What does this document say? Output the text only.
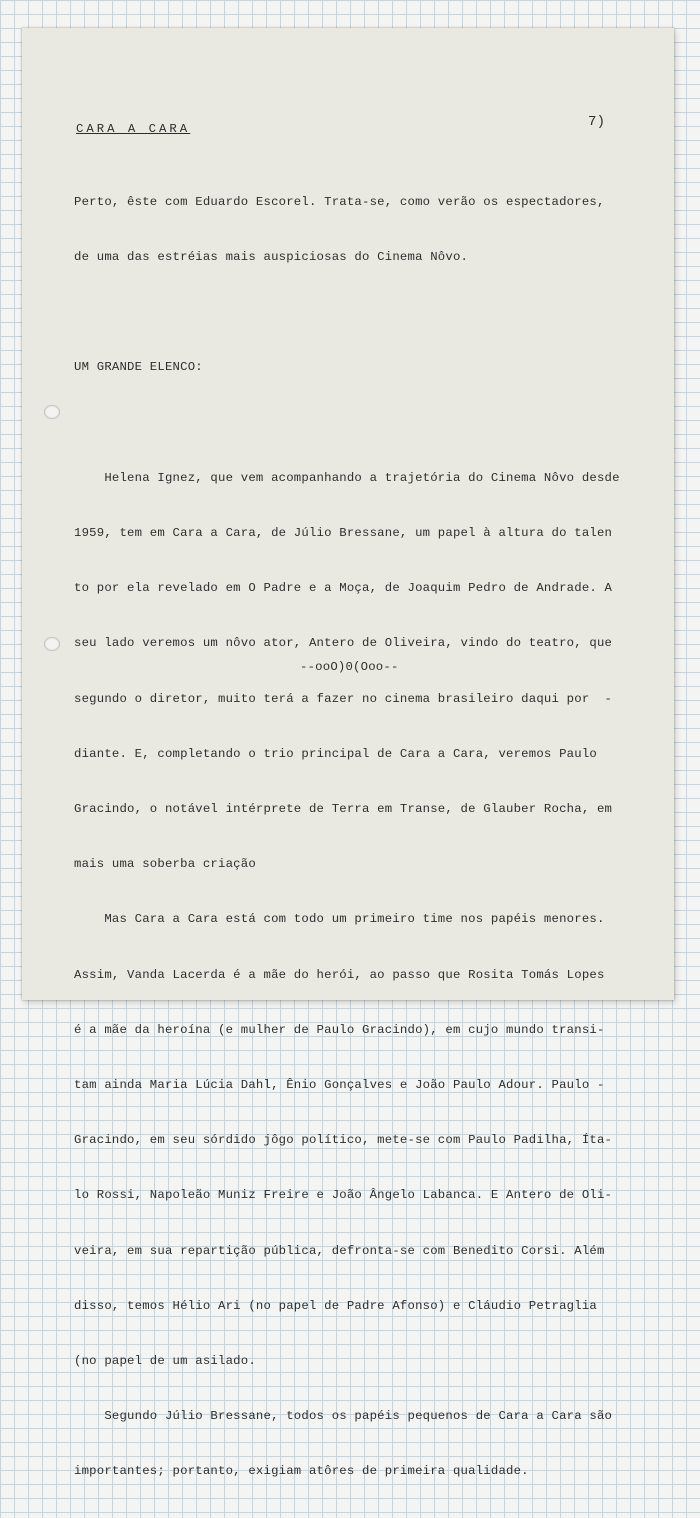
CARA A CARA	7)

Perto, êste com Eduardo Escorel. Trata-se, como verão os espectadores,

de uma das estréias mais auspiciosas do Cinema Nôvo.

UM GRANDE ELENCO:

Helena Ignez, que vem acompanhando a trajetória do Cinema Nôvo desde

1959, tem em Cara a Cara, de Júlio Bressane, um papel à altura do talen

to por ela revelado em O Padre e a Moça, de Joaquim Pedro de Andrade. A

seu lado veremos um nôvo ator, Antero de Oliveira, vindo do teatro, que

segundo o diretor, muito terá a fazer no cinema brasileiro daqui por  -

diante. E, completando o trio principal de Cara a Cara, veremos Paulo

Gracindo, o notável intérprete de Terra em Transe, de Glauber Rocha, em

mais uma soberba criação

Mas Cara a Cara está com todo um primeiro time nos papéis menores.

Assim, Vanda Lacerda é a mãe do herói, ao passo que Rosita Tomás Lopes

é a mãe da heroína (e mulher de Paulo Gracindo), em cujo mundo transi-

tam ainda Maria Lúcia Dahl, Ênio Gonçalves e João Paulo Adour. Paulo -

Gracindo, em seu sórdido jôgo político, mete-se com Paulo Padilha, Íta-

lo Rossi, Napoleão Muniz Freire e João Ângelo Labanca. E Antero de Oli-

veira, em sua repartição pública, defronta-se com Benedito Corsi. Além

disso, temos Hélio Ari (no papel de Padre Afonso) e Cláudio Petraglia

(no papel de um asilado.

Segundo Júlio Bressane, todos os papéis pequenos de Cara a Cara são

importantes; portanto, exigiam atôres de primeira qualidade.

--ooO)0(Ooo--
